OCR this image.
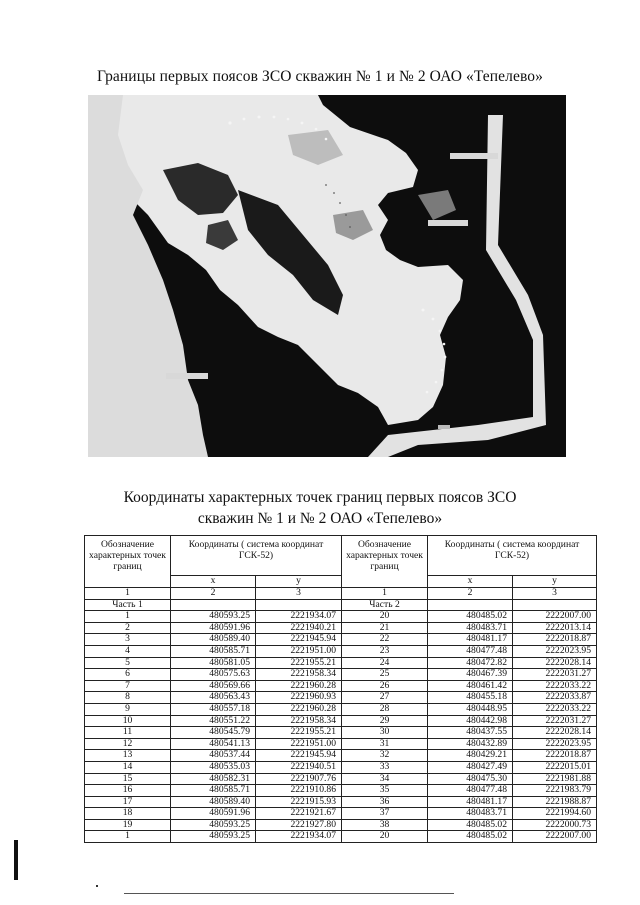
Границы первых поясов ЗСО скважин № 1 и № 2 ОАО «Тепелево»
Координаты характерных точек границ первых поясов ЗСО
скважин № 1 и № 2 ОАО «Тепелево»
Обозначение характерных точек границ	Координаты ( система координат ГСК-52)		Обозначение характерных точек границ	Координаты ( система координат ГСК-52)	
	x	y		x	y
1	2	3	1	2	3
Часть 1			Часть 2		
1	480593.25	2221934.07	20	480485.02	2222007.00
2	480591.96	2221940.21	21	480483.71	2222013.14
3	480589.40	2221945.94	22	480481.17	2222018.87
4	480585.71	2221951.00	23	480477.48	2222023.95
5	480581.05	2221955.21	24	480472.82	2222028.14
6	480575.63	2221958.34	25	480467.39	2222031.27
7	480569.66	2221960.28	26	480461.42	2222033.22
8	480563.43	2221960.93	27	480455.18	2222033.87
9	480557.18	2221960.28	28	480448.95	2222033.22
10	480551.22	2221958.34	29	480442.98	2222031.27
11	480545.79	2221955.21	30	480437.55	2222028.14
12	480541.13	2221951.00	31	480432.89	2222023.95
13	480537.44	2221945.94	32	480429.21	2222018.87
14	480535.03	2221940.51	33	480427.49	2222015.01
15	480582.31	2221907.76	34	480475.30	2221981.88
16	480585.71	2221910.86	35	480477.48	2221983.79
17	480589.40	2221915.93	36	480481.17	2221988.87
18	480591.96	2221921.67	37	480483.71	2221994.60
19	480593.25	2221927.80	38	480485.02	2222000.73
1	480593.25	2221934.07	20	480485.02	2222007.00
